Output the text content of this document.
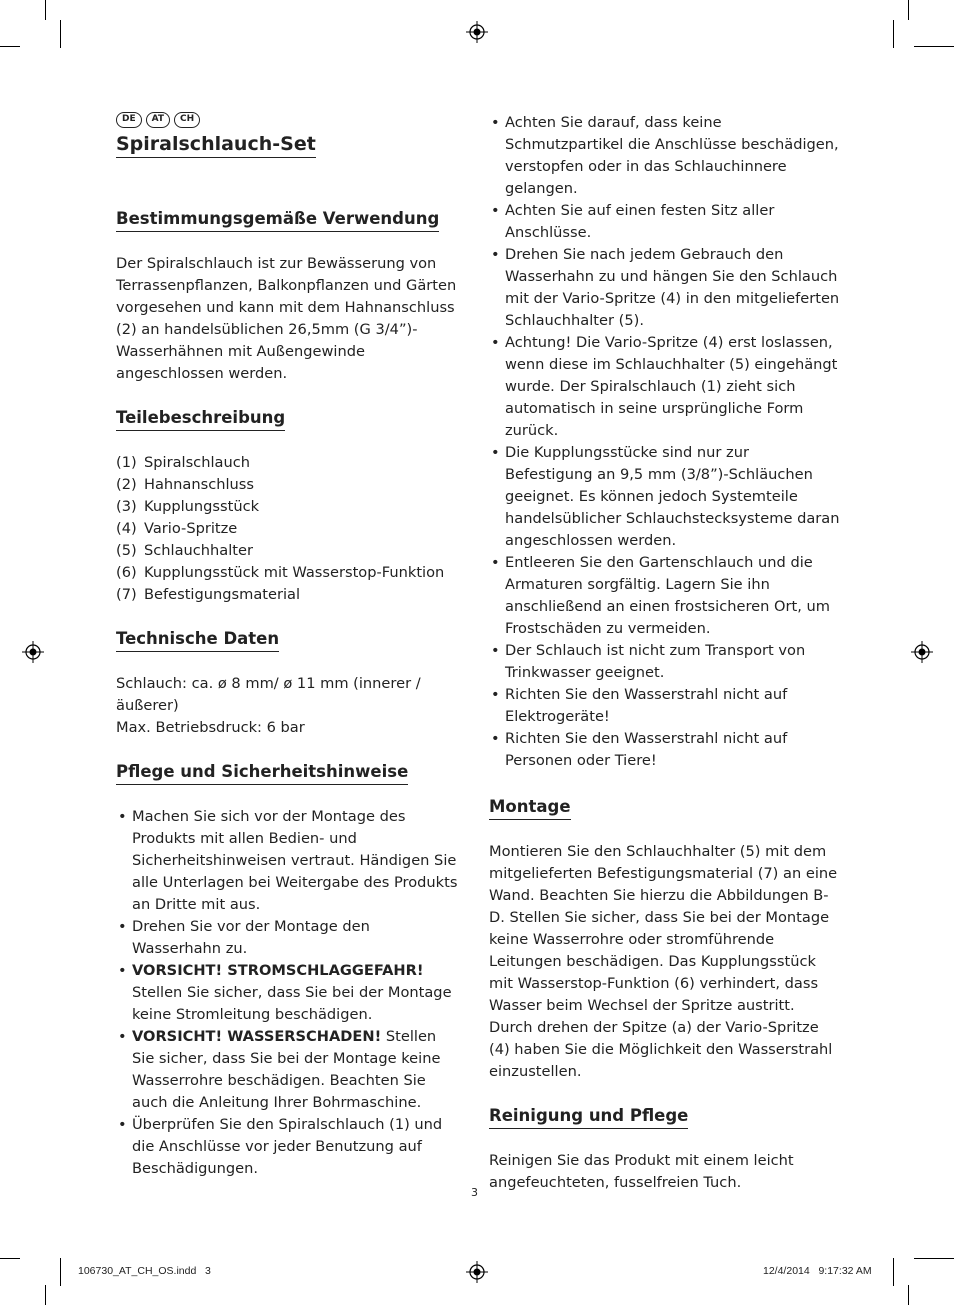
DE	AT	CH
Spiralschlauch-Set
Bestimmungsgemäße Verwendung

Der Spiralschlauch ist zur Bewässerung von Terrassenpflanzen, Balkonpflanzen und Gärten vorgesehen und kann mit dem Hahnanschluss (2) an handelsüblichen 26,5mm (G 3/4”)-Wasserhähnen mit Außengewinde angeschlossen werden.

Teilebeschreibung
(1) Spiralschlauch
(2) Hahnanschluss
(3) Kupplungsstück
(4) Vario-Spritze
(5) Schlauchhalter
(6) Kupplungsstück mit Wasserstop-Funktion
(7) Befestigungsmaterial
Technische Daten

Schlauch: ca. ø 8 mm/ ø 11 mm (innerer / äußerer)
Max. Betriebsdruck: 6 bar

Pflege und Sicherheitshinweise
• Machen Sie sich vor der Montage des Produkts mit allen Bedien- und Sicherheitshinweisen vertraut. Händigen Sie alle Unterlagen bei Weitergabe des Produkts an Dritte mit aus.
• Drehen Sie vor der Montage den Wasserhahn zu.
• VORSICHT! STROMSCHLAGGEFAHR! Stellen Sie sicher, dass Sie bei der Montage keine Stromleitung beschädigen.
• VORSICHT! WASSERSCHADEN! Stellen Sie sicher, dass Sie bei der Montage keine Wasserrohre beschädigen. Beachten Sie auch die Anleitung Ihrer Bohrmaschine.
• Überprüfen Sie den Spiralschlauch (1) und die Anschlüsse vor jeder Benutzung auf Beschädigungen.
• Achten Sie darauf, dass keine Schmutzpartikel die Anschlüsse beschädigen, verstopfen oder in das Schlauchinnere gelangen.
• Achten Sie auf einen festen Sitz aller Anschlüsse.
• Drehen Sie nach jedem Gebrauch den Wasserhahn zu und hängen Sie den Schlauch mit der Vario-Spritze (4) in den mitgelieferten Schlauchhalter (5).
• Achtung! Die Vario-Spritze (4) erst loslassen, wenn diese im Schlauchhalter (5) eingehängt wurde. Der Spiralschlauch (1) zieht sich automatisch in seine ursprüngliche Form zurück.
• Die Kupplungsstücke sind nur zur Befestigung an 9,5 mm (3/8”)-Schläuchen geeignet. Es können jedoch Systemteile handelsüblicher Schlauchstecksysteme daran angeschlossen werden.
• Entleeren Sie den Gartenschlauch und die Armaturen sorgfältig. Lagern Sie ihn anschließend an einen frostsicheren Ort, um Frostschäden zu vermeiden.
• Der Schlauch ist nicht zum Transport von Trinkwasser geeignet.
• Richten Sie den Wasserstrahl nicht auf Elektrogeräte!
• Richten Sie den Wasserstrahl nicht auf Personen oder Tiere!
Montage

Montieren Sie den Schlauchhalter (5) mit dem mitgelieferten Befestigungsmaterial (7) an eine Wand. Beachten Sie hierzu die Abbildungen B-D. Stellen Sie sicher, dass Sie bei der Montage keine Wasserrohre oder stromführende Leitungen beschädigen. Das Kupplungsstück mit Wasserstop-Funktion (6) verhindert, dass Wasser beim Wechsel der Spritze austritt. Durch drehen der Spitze (a) der Vario-Spritze (4) haben Sie die Möglichkeit den Wasserstrahl einzustellen.

Reinigung und Pflege

Reinigen Sie das Produkt mit einem leicht angefeuchteten, fusselfreien Tuch.

3
106730_AT_CH_OS.indd   3	12/4/2014   9:17:32 AM
